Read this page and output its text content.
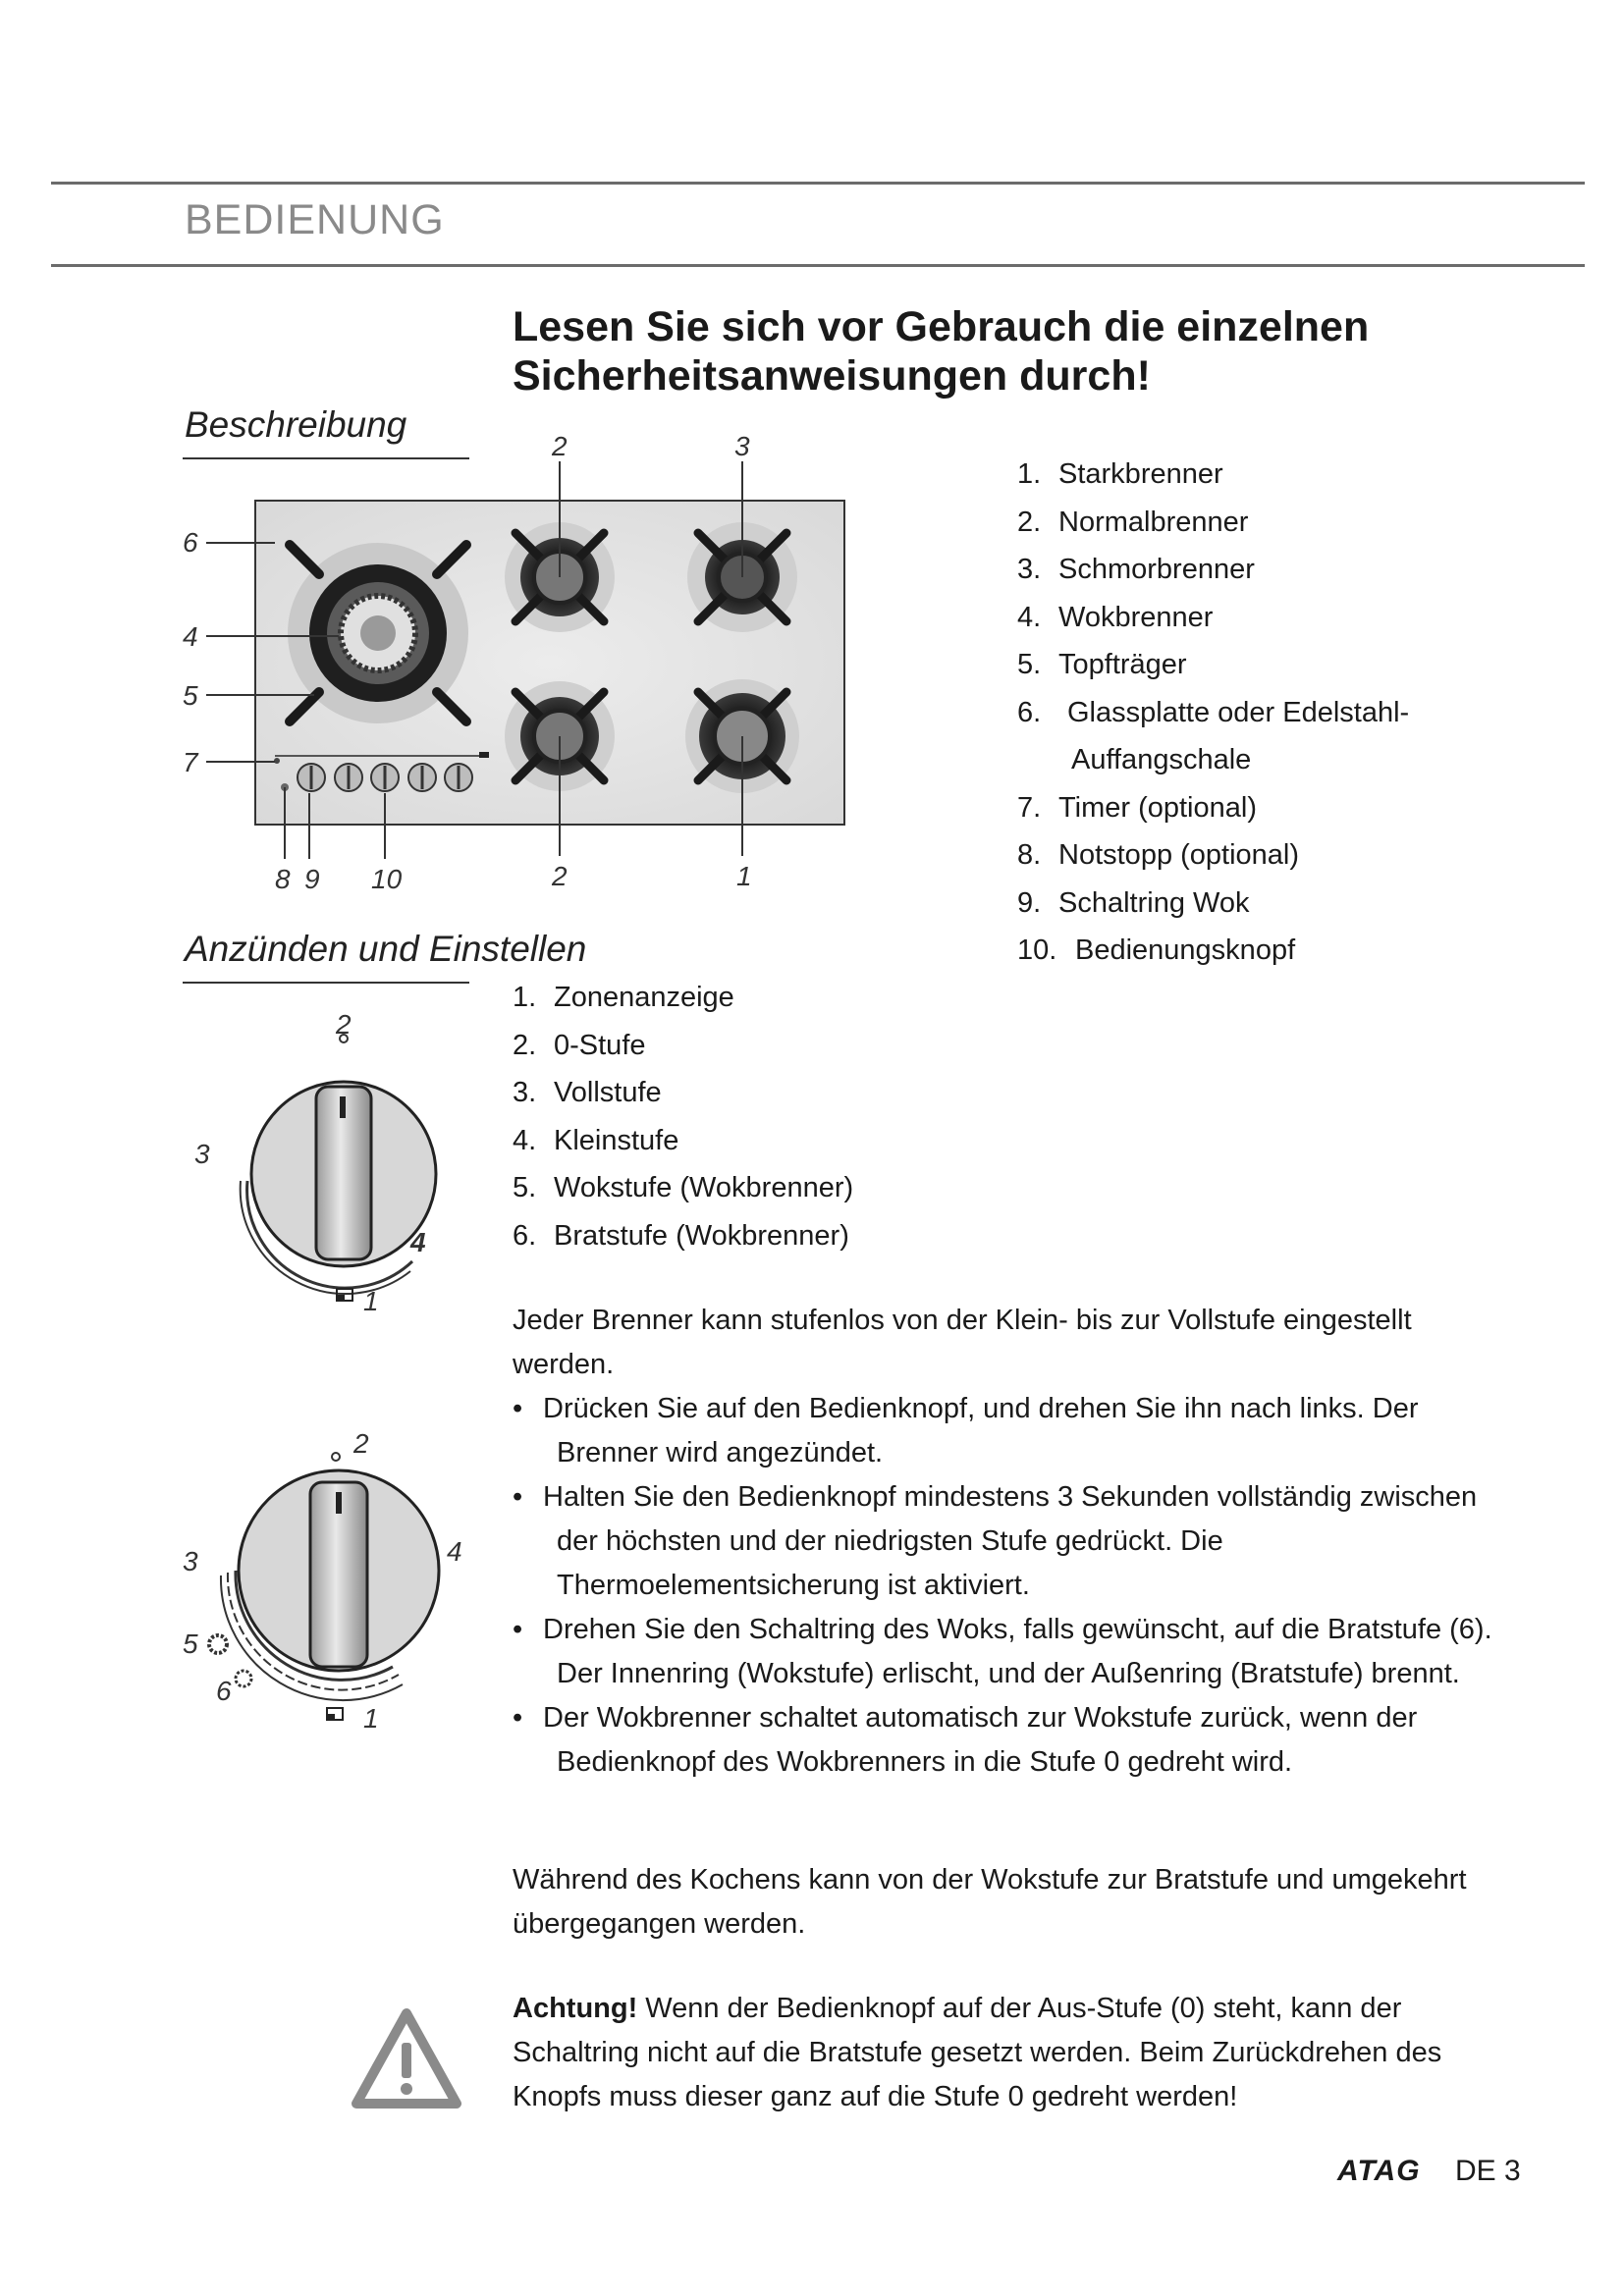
BEDIENUNG
Lesen Sie sich vor Gebrauch die einzelnen
Sicherheitsanweisungen durch!
Beschreibung
6
4
5
7
2	3
8 9 10	2	1
1. Starkbrenner
2. Normalbrenner
3. Schmorbrenner
4. Wokbrenner
5. Topfträger
6. Glassplatte oder Edelstahl-
Auffangschale
7. Timer (optional)
8. Notstopp (optional)
9. Schaltring Wok
10. Bedienungsknopf
Anzünden und Einstellen
2
3
4
1
2
3	4
5
6
1
1. Zonenanzeige
2. 0-Stufe
3. Vollstufe
4. Kleinstufe
5. Wokstufe (Wokbrenner)
6. Bratstufe (Wokbrenner)

Jeder Brenner kann stufenlos von der Klein- bis zur Vollstufe eingestellt werden.

• Drücken Sie auf den Bedienknopf, und drehen Sie ihn nach links. Der Brenner wird angezündet.
• Halten Sie den Bedienknopf mindestens 3 Sekunden vollständig zwischen der höchsten und der niedrigsten Stufe gedrückt. Die Thermoelementsicherung ist aktiviert.
• Drehen Sie den Schaltring des Woks, falls gewünscht, auf die Bratstufe (6). Der Innenring (Wokstufe) erlischt, und der Außenring (Bratstufe) brennt.
• Der Wokbrenner schaltet automatisch zur Wokstufe zurück, wenn der Bedienknopf des Wokbrenners in die Stufe 0 gedreht wird.

Während des Kochens kann von der Wokstufe zur Bratstufe und umgekehrt übergegangen werden.

Achtung! Wenn der Bedienknopf auf der Aus-Stufe (0) steht, kann der Schaltring nicht auf die Bratstufe gesetzt werden. Beim Zurückdrehen des Knopfs muss dieser ganz auf die Stufe 0 gedreht werden!

ATAG DE 3
